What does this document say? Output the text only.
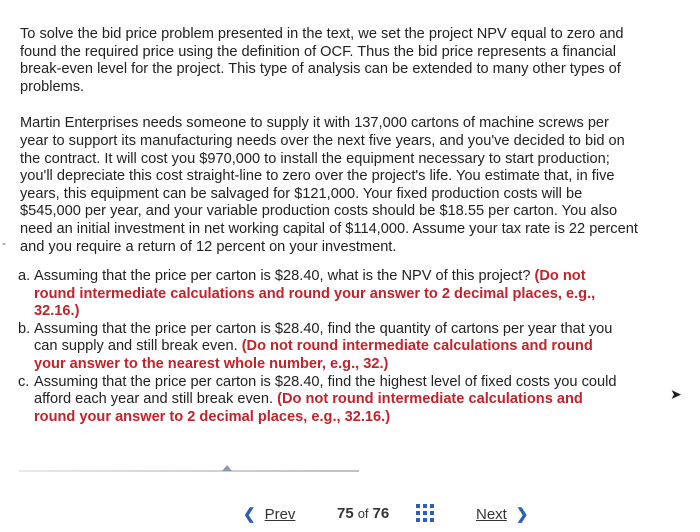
To solve the bid price problem presented in the text, we set the project NPV equal to zero and found the required price using the definition of OCF. Thus the bid price represents a financial break-even level for the project. This type of analysis can be extended to many other types of problems.

Martin Enterprises needs someone to supply it with 137,000 cartons of machine screws per year to support its manufacturing needs over the next five years, and you've decided to bid on the contract. It will cost you $970,000 to install the equipment necessary to start production; you'll depreciate this cost straight-line to zero over the project's life. You estimate that, in five years, this equipment can be salvaged for $121,000. Your fixed production costs will be $545,000 per year, and your variable production costs should be $18.55 per carton. You also need an initial investment in net working capital of $114,000. Assume your tax rate is 22 percent and you require a return of 12 percent on your investment.

-
a. Assuming that the price per carton is $28.40, what is the NPV of this project? (Do not round intermediate calculations and round your answer to 2 decimal places, e.g., 32.16.)
b. Assuming that the price per carton is $28.40, find the quantity of cartons per year that you can supply and still break even. (Do not round intermediate calculations and round your answer to the nearest whole number, e.g., 32.)
c. Assuming that the price per carton is $28.40, find the highest level of fixed costs you could afford each year and still break even. (Do not round intermediate calculations and round your answer to 2 decimal places, e.g., 32.16.)
➤
❮ Prev	75 of 76	Next ❯
